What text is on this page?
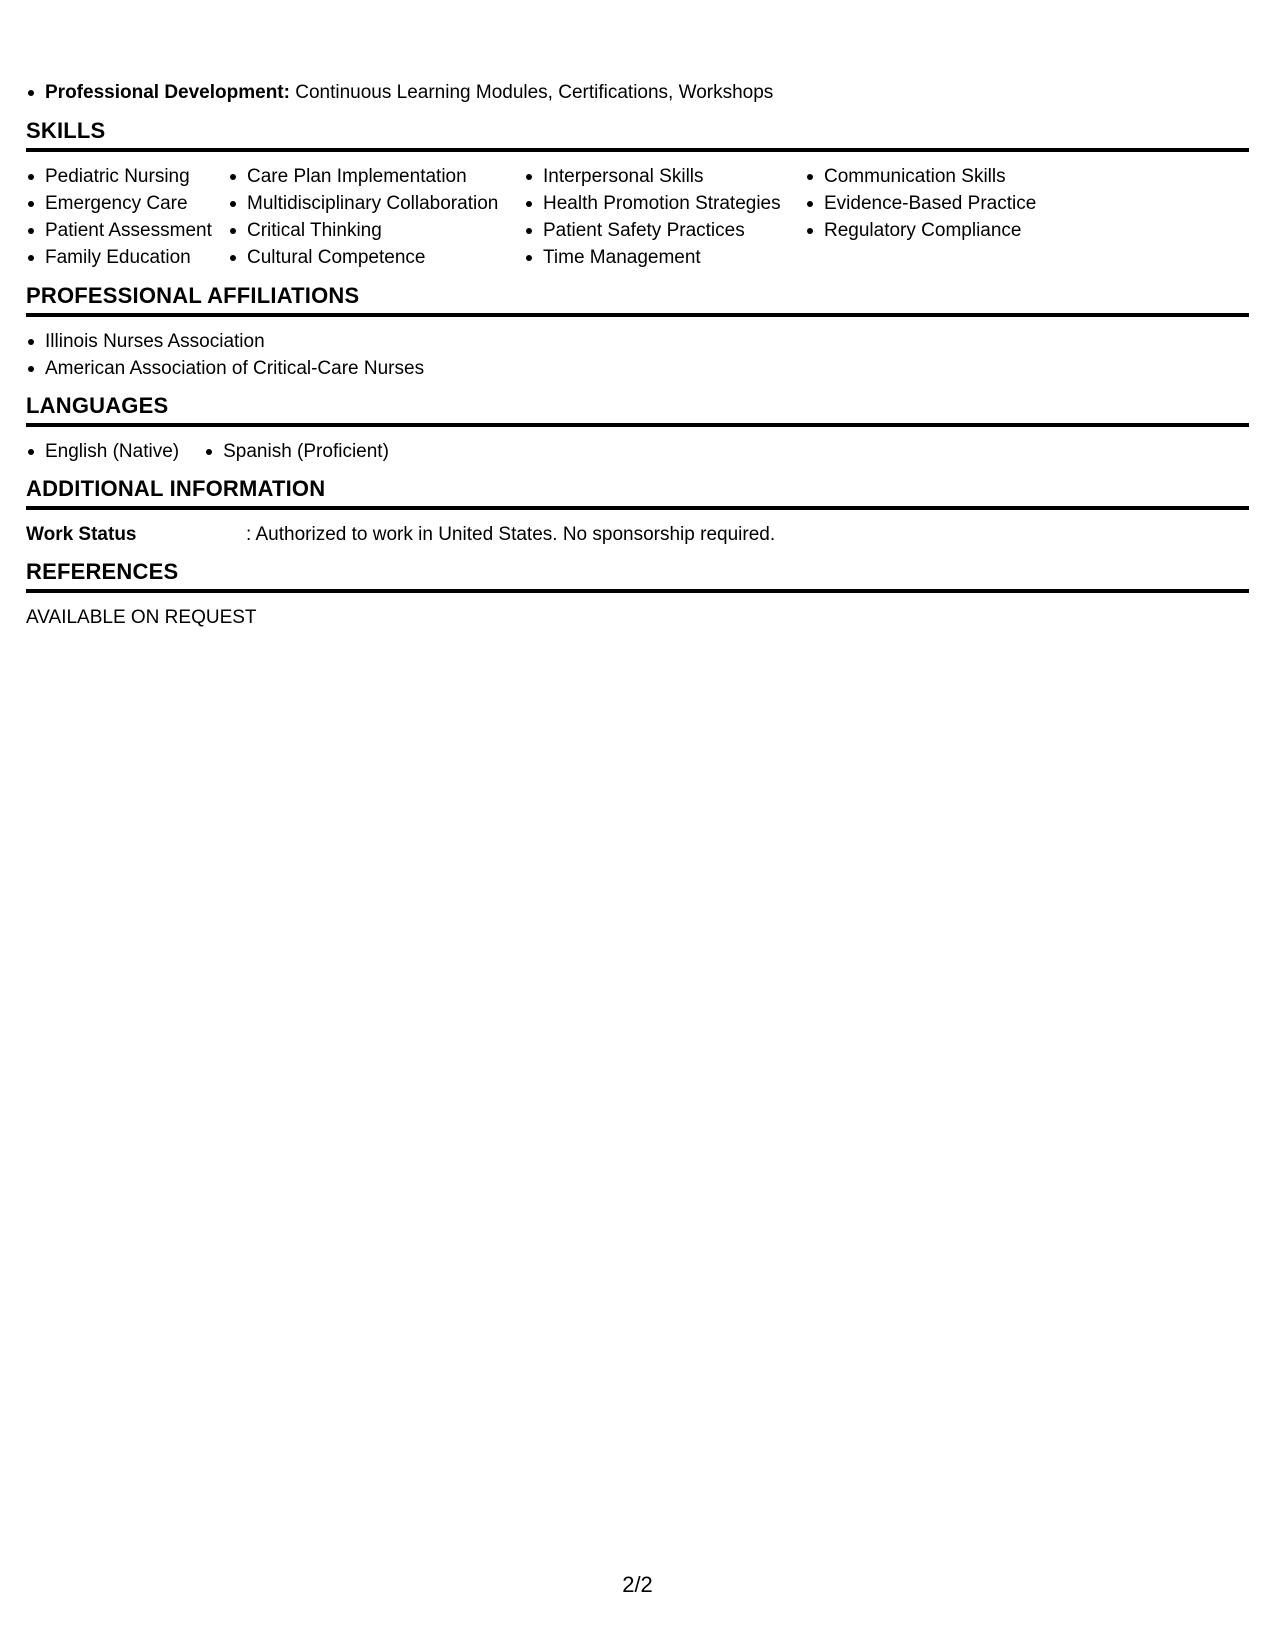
Professional Development: Continuous Learning Modules, Certifications, Workshops
SKILLS
Pediatric Nursing
Emergency Care
Patient Assessment
Family Education
Care Plan Implementation
Multidisciplinary Collaboration
Critical Thinking
Cultural Competence
Interpersonal Skills
Health Promotion Strategies
Patient Safety Practices
Time Management
Communication Skills
Evidence-Based Practice
Regulatory Compliance
PROFESSIONAL AFFILIATIONS
Illinois Nurses Association
American Association of Critical-Care Nurses
LANGUAGES
English (Native)	Spanish (Proficient)
ADDITIONAL INFORMATION
Work Status	: Authorized to work in United States. No sponsorship required.
REFERENCES
AVAILABLE ON REQUEST
2/2
